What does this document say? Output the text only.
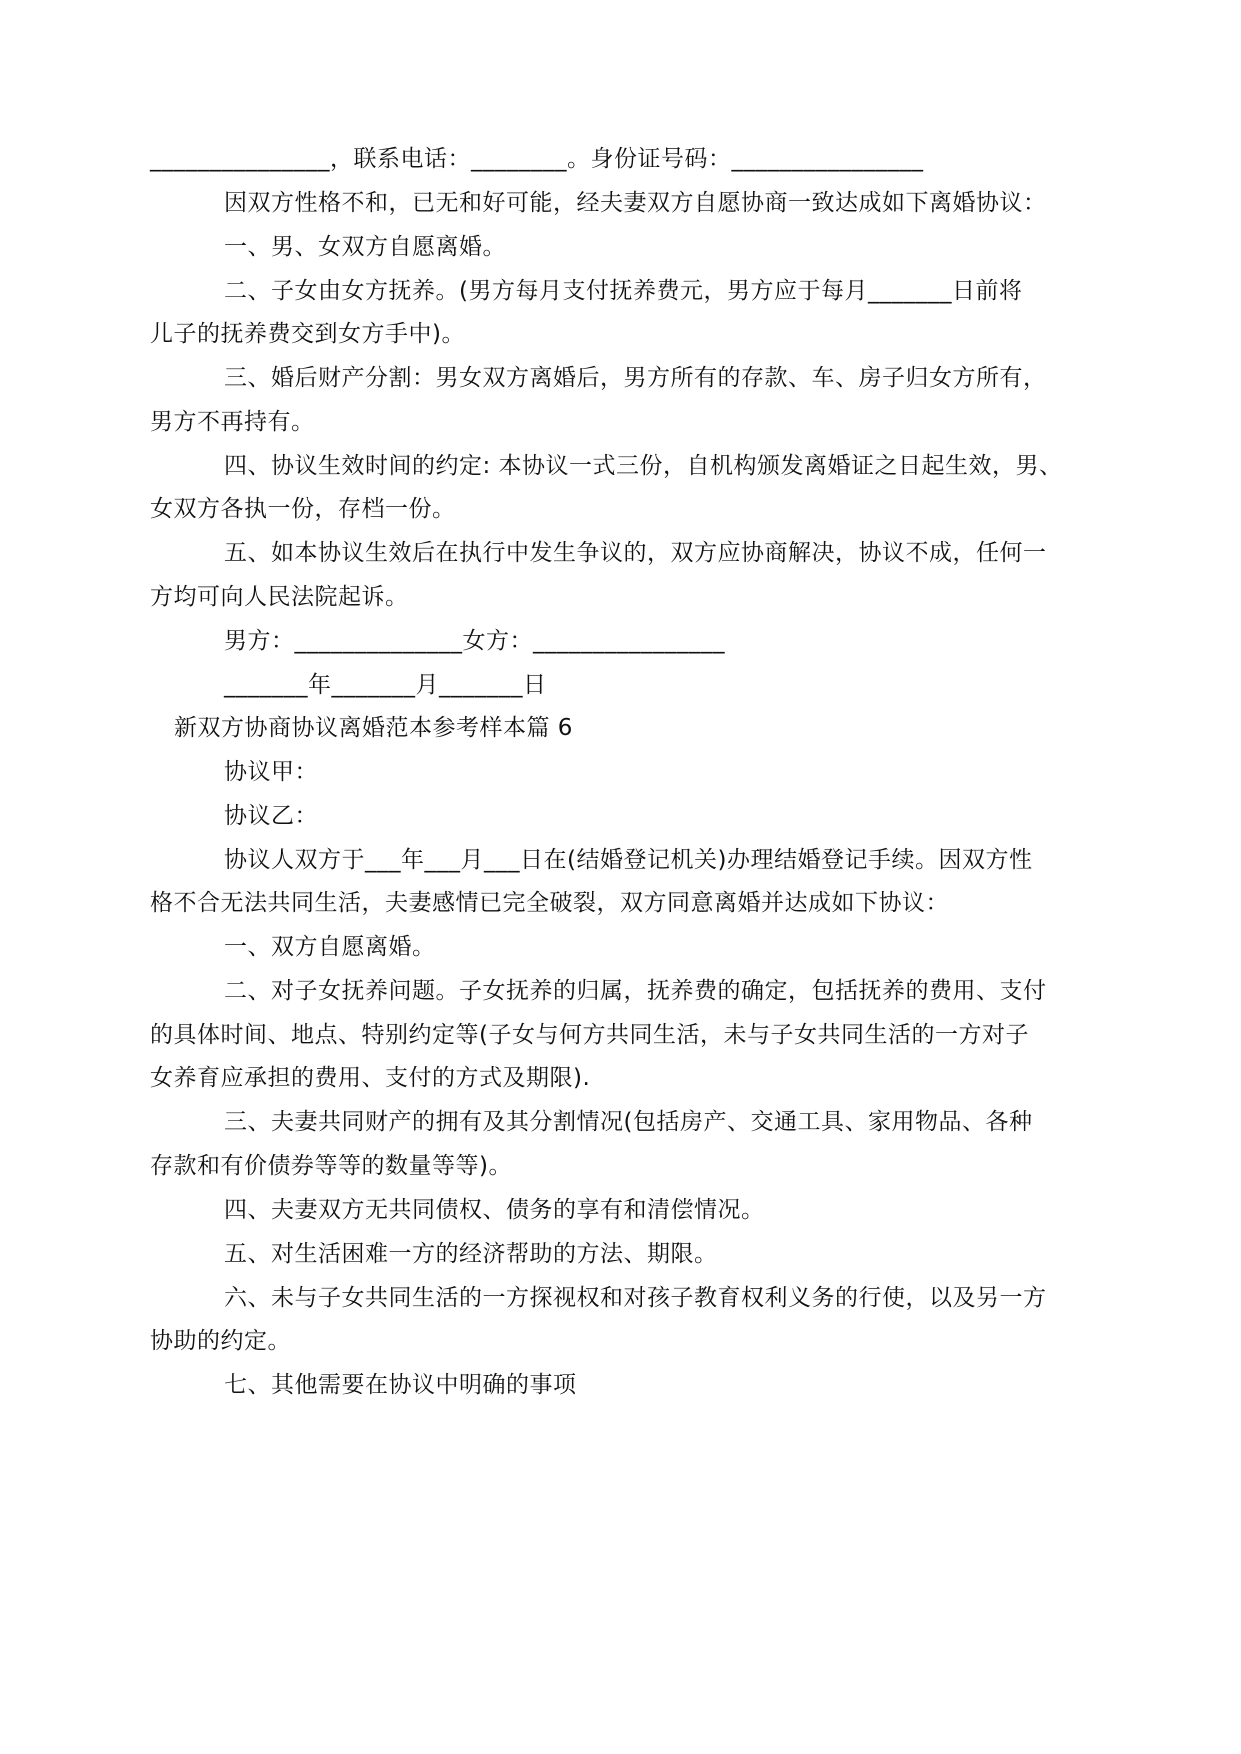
_______________，联系电话：________。身份证号码：________________
因双方性格不和，已无和好可能，经夫妻双方自愿协商一致达成如下离婚协议：
一、男、女双方自愿离婚。
二、子女由女方抚养。(男方每月支付抚养费元，男方应于每月_______日前将
儿子的抚养费交到女方手中)。
三、婚后财产分割：男女双方离婚后，男方所有的存款、车、房子归女方所有，
男方不再持有。
四、协议生效时间的约定: 本协议一式三份，自机构颁发离婚证之日起生效，男、
女双方各执一份，存档一份。
五、如本协议生效后在执行中发生争议的，双方应协商解决，协议不成，任何一
方均可向人民法院起诉。
男方：______________女方：________________
_______年_______月_______日
新双方协商协议离婚范本参考样本篇 6
协议甲：
协议乙：
协议人双方于___年___月___日在(结婚登记机关)办理结婚登记手续。因双方性
格不合无法共同生活，夫妻感情已完全破裂，双方同意离婚并达成如下协议：
一、双方自愿离婚。
二、对子女抚养问题。子女抚养的归属，抚养费的确定，包括抚养的费用、支付
的具体时间、地点、特别约定等(子女与何方共同生活，未与子女共同生活的一方对子
女养育应承担的费用、支付的方式及期限).
三、夫妻共同财产的拥有及其分割情况(包括房产、交通工具、家用物品、各种
存款和有价债券等等的数量等等)。
四、夫妻双方无共同债权、债务的享有和清偿情况。
五、对生活困难一方的经济帮助的方法、期限。
六、未与子女共同生活的一方探视权和对孩子教育权利义务的行使，以及另一方
协助的约定。
七、其他需要在协议中明确的事项
